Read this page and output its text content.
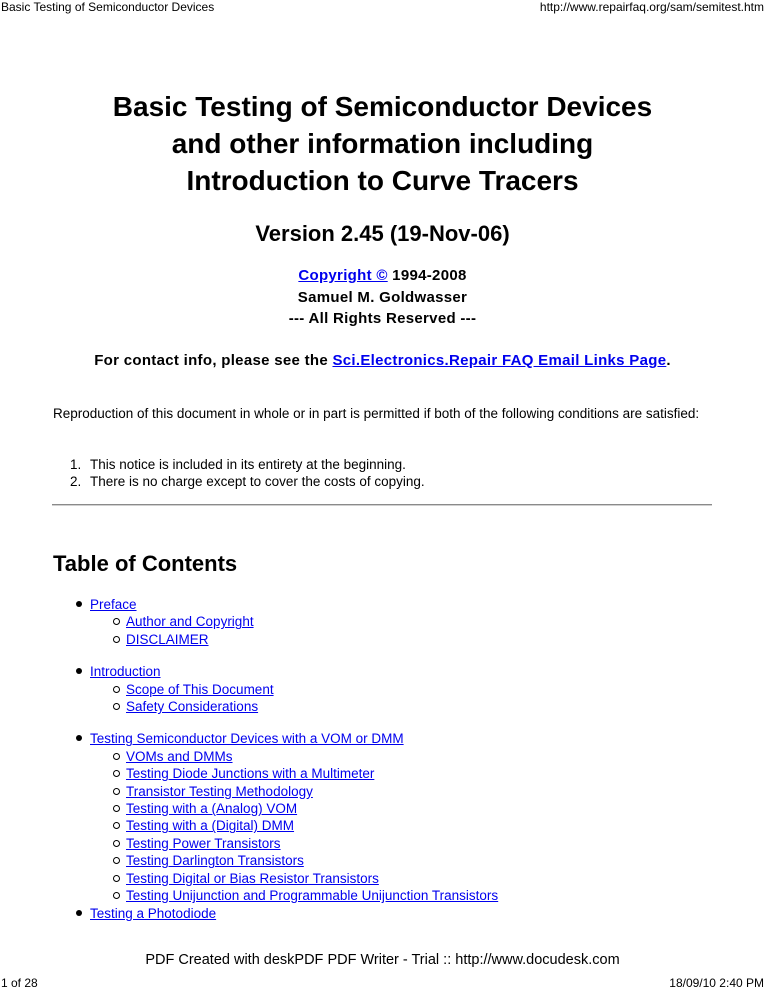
Basic Testing of Semiconductor Devices	http://www.repairfaq.org/sam/semitest.htm
Basic Testing of Semiconductor Devices
and other information including
Introduction to Curve Tracers
Version 2.45 (19-Nov-06)
Copyright © 1994-2008
Samuel M. Goldwasser
--- All Rights Reserved ---
For contact info, please see the Sci.Electronics.Repair FAQ Email Links Page.
Reproduction of this document in whole or in part is permitted if both of the following conditions are satisfied:
1. This notice is included in its entirety at the beginning.
2. There is no charge except to cover the costs of copying.
Table of Contents
Preface
Author and Copyright
DISCLAIMER
Introduction
Scope of This Document
Safety Considerations
Testing Semiconductor Devices with a VOM or DMM
VOMs and DMMs
Testing Diode Junctions with a Multimeter
Transistor Testing Methodology
Testing with a (Analog) VOM
Testing with a (Digital) DMM
Testing Power Transistors
Testing Darlington Transistors
Testing Digital or Bias Resistor Transistors
Testing Unijunction and Programmable Unijunction Transistors
Testing a Photodiode
PDF Created with deskPDF PDF Writer - Trial :: http://www.docudesk.com
1 of 28	18/09/10 2:40 PM
